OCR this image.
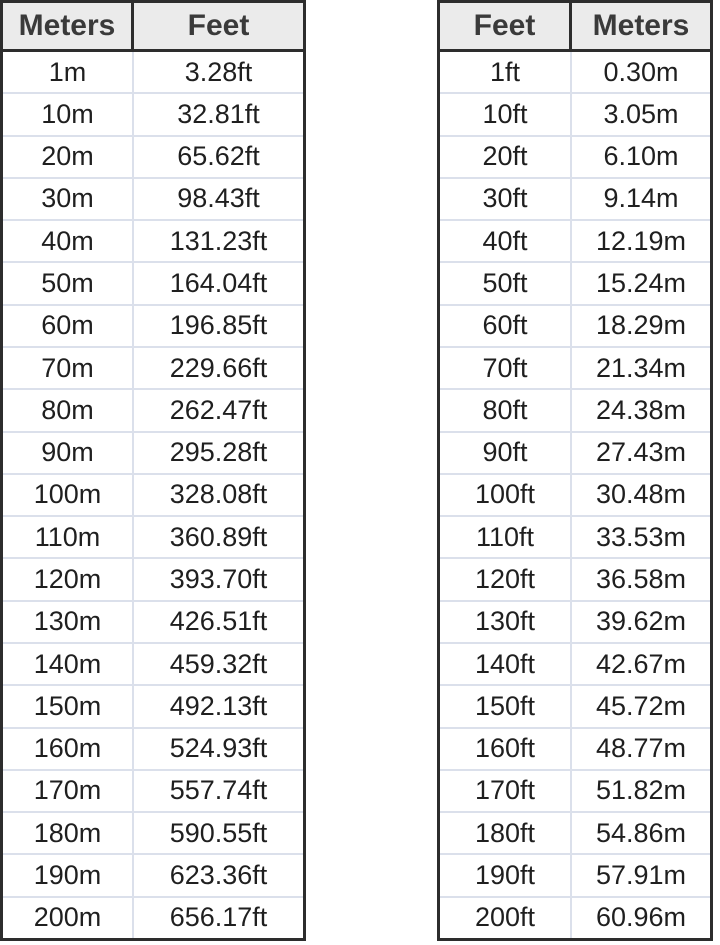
Meters	Feet
1m	3.28ft
10m	32.81ft
20m	65.62ft
30m	98.43ft
40m	131.23ft
50m	164.04ft
60m	196.85ft
70m	229.66ft
80m	262.47ft
90m	295.28ft
100m	328.08ft
110m	360.89ft
120m	393.70ft
130m	426.51ft
140m	459.32ft
150m	492.13ft
160m	524.93ft
170m	557.74ft
180m	590.55ft
190m	623.36ft
200m	656.17ft
Feet	Meters
1ft	0.30m
10ft	3.05m
20ft	6.10m
30ft	9.14m
40ft	12.19m
50ft	15.24m
60ft	18.29m
70ft	21.34m
80ft	24.38m
90ft	27.43m
100ft	30.48m
110ft	33.53m
120ft	36.58m
130ft	39.62m
140ft	42.67m
150ft	45.72m
160ft	48.77m
170ft	51.82m
180ft	54.86m
190ft	57.91m
200ft	60.96m
